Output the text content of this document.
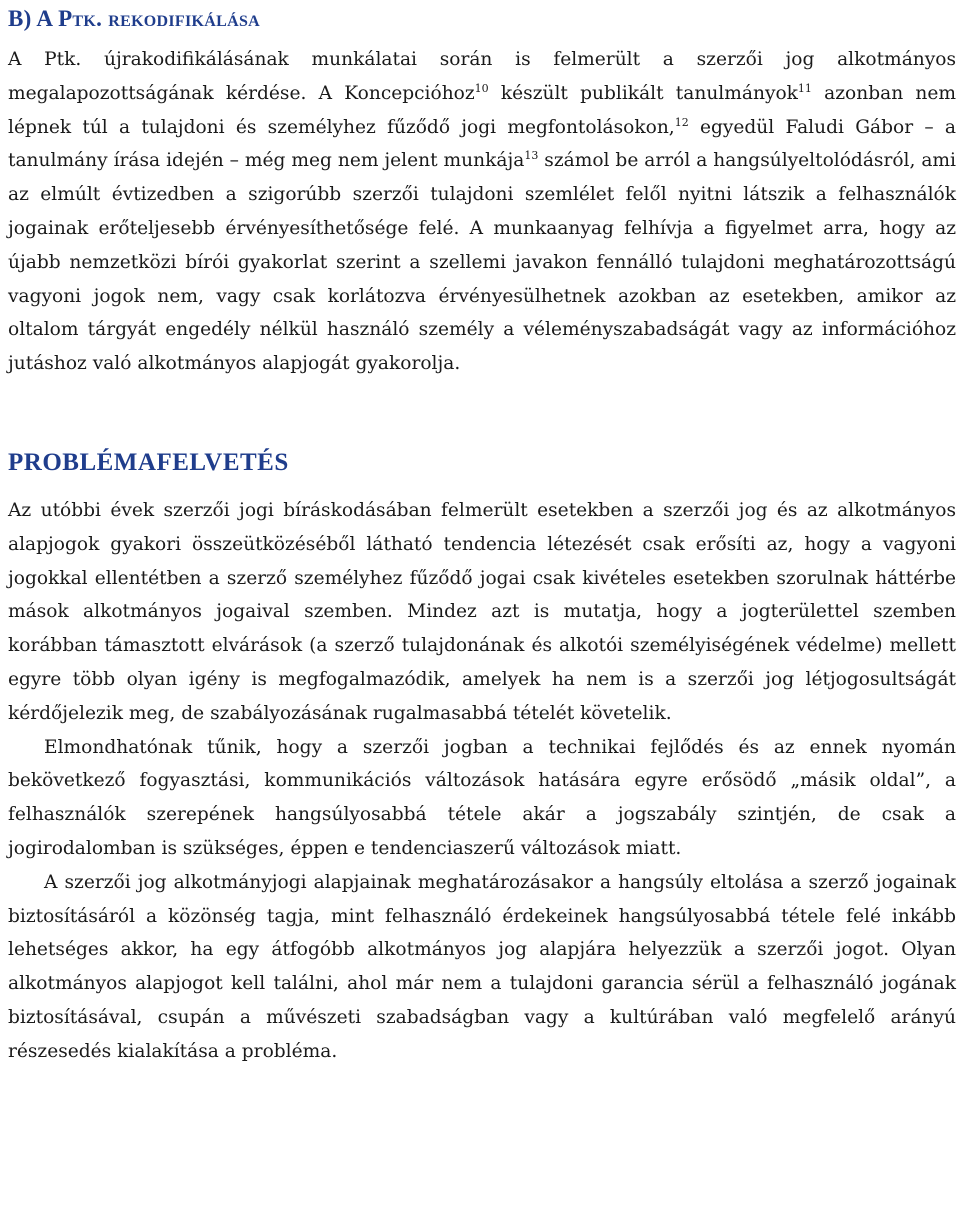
B) A Ptk. rekodifikálása

A Ptk. újrakodifikálásának munkálatai során is felmerült a szerzői jog alkotmányos megalapozottságának kérdése. A Koncepcióhoz$^{10}$ készült publikált tanulmányok$^{11}$ azonban nem lépnek túl a tulajdoni és személyhez fűződő jogi megfontolásokon,$^{12}$ egyedül Faludi Gábor – a tanulmány írása idején – még meg nem jelent munkája$^{13}$ számol be arról a hangsúlyeltolódásról, ami az elmúlt évtizedben a szigorúbb szerzői tulajdoni szemlélet felől nyitni látszik a felhasználók jogainak erőteljesebb érvényesíthetősége felé. A munkaanyag felhívja a figyelmet arra, hogy az újabb nemzetközi bírói gyakorlat szerint a szellemi javakon fennálló tulajdoni meghatározottságú vagyoni jogok nem, vagy csak korlátozva érvényesülhetnek azokban az esetekben, amikor az oltalom tárgyát engedély nélkül használó személy a véleményszabadságát vagy az információhoz jutáshoz való alkotmányos alapjogát gyakorolja.

PROBLÉMAFELVETÉS

Az utóbbi évek szerzői jogi bíráskodásában felmerült esetekben a szerzői jog és az alkotmányos alapjogok gyakori összeütközéséből látható tendencia létezését csak erősíti az, hogy a vagyoni jogokkal ellentétben a szerző személyhez fűződő jogai csak kivételes esetekben szorulnak háttérbe mások alkotmányos jogaival szemben. Mindez azt is mutatja, hogy a jogterülettel szemben korábban támasztott elvárások (a szerző tulajdonának és alkotói személyiségének védelme) mellett egyre több olyan igény is megfogalmazódik, amelyek ha nem is a szerzői jog létjogosultságát kérdőjelezik meg, de szabályozásának rugalmasabbá tételét követelik.

Elmondhatónak tűnik, hogy a szerzői jogban a technikai fejlődés és az ennek nyomán bekövetkező fogyasztási, kommunikációs változások hatására egyre erősödő „másik oldal”, a felhasználók szerepének hangsúlyosabbá tétele akár a jogszabály szintjén, de csak a jogirodalomban is szükséges, éppen e tendenciaszerű változások miatt.

A szerzői jog alkotmányjogi alapjainak meghatározásakor a hangsúly eltolása a szerző jogainak biztosításáról a közönség tagja, mint felhasználó érdekeinek hangsúlyosabbá tétele felé inkább lehetséges akkor, ha egy átfogóbb alkotmányos jog alapjára helyezzük a szerzői jogot. Olyan alkotmányos alapjogot kell találni, ahol már nem a tulajdoni garancia sérül a felhasználó jogának biztosításával, csupán a művészeti szabadságban vagy a kultúrában való megfelelő arányú részesedés kialakítása a probléma.
